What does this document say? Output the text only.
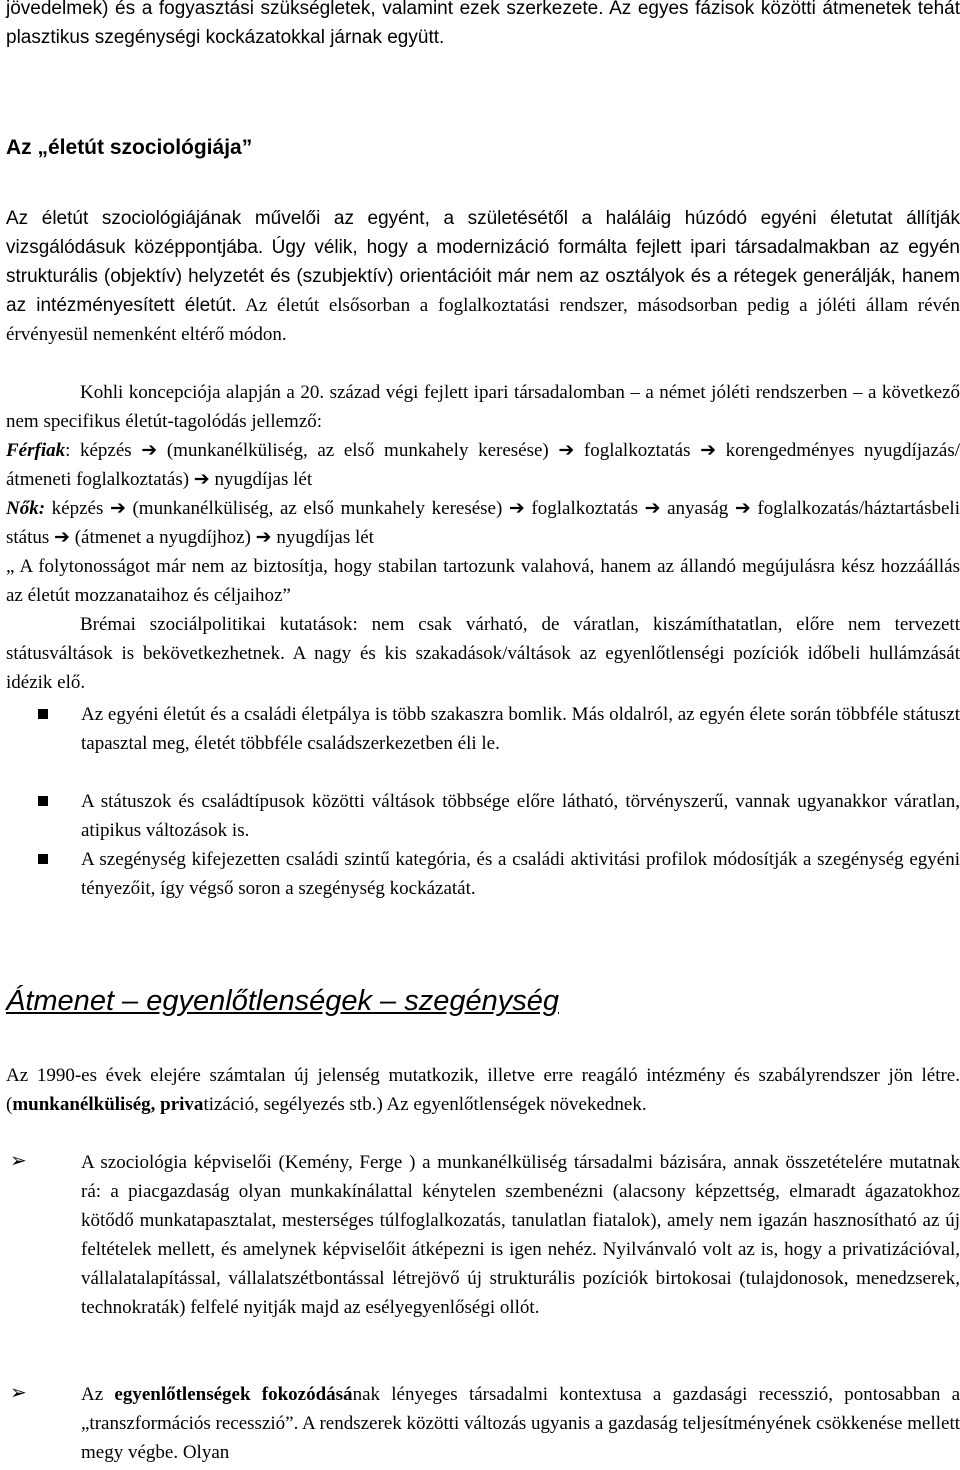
jövedelmek) és a fogyasztási szükségletek, valamint ezek szerkezete. Az egyes fázisok közötti átmenetek tehát plasztikus szegénységi kockázatokkal járnak együtt.

Az „életút szociológiája”

Az életút szociológiájának művelői az egyént, a születésétől a haláláig húzódó egyéni életutat állítják vizsgálódásuk középpontjába. Úgy vélik, hogy a modernizáció formálta fejlett ipari társadalmakban az egyén strukturális (objektív) helyzetét és (szubjektív) orientációit már nem az osztályok és a rétegek generálják, hanem az intézményesített életút. Az életút elsősorban a foglalkoztatási rendszer, másodsorban pedig a jóléti állam révén érvényesül nemenként eltérő módon.

Kohli koncepciója alapján a 20. század végi fejlett ipari társadalomban – a német jóléti rendszerben – a következő nem specifikus életút-tagolódás jellemző:

Férfiak: képzés ➔ (munkanélküliség, az első munkahely keresése) ➔ foglalkoztatás ➔ korengedményes nyugdíjazás/átmeneti foglalkoztatás) ➔ nyugdíjas lét

Nők: képzés ➔ (munkanélküliség, az első munkahely keresése) ➔ foglalkoztatás ➔ anyaság ➔ foglalkozatás/háztartásbeli státus ➔ (átmenet a nyugdíjhoz) ➔ nyugdíjas lét

„ A folytonosságot már nem az biztosítja, hogy stabilan tartozunk valahová, hanem az állandó megújulásra kész hozzáállás az életút mozzanataihoz és céljaihoz”

Brémai szociálpolitikai kutatások: nem csak várható, de váratlan, kiszámíthatatlan, előre nem tervezett státusváltások is bekövetkezhetnek. A nagy és kis szakadások/váltások az egyenlőtlenségi pozíciók időbeli hullámzását idézik elő.

Az egyéni életút és a családi életpálya is több szakaszra bomlik. Más oldalról, az egyén élete során többféle státuszt tapasztal meg, életét többféle családszerkezetben éli le.

A státuszok és családtípusok közötti váltások többsége előre látható, törvényszerű, vannak ugyanakkor váratlan, atipikus változások is.

A szegénység kifejezetten családi szintű kategória, és a családi aktivitási profilok módosítják a szegénység egyéni tényezőit, így végső soron a szegénység kockázatát.

Átmenet – egyenlőtlenségek – szegénység

Az 1990-es évek elejére számtalan új jelenség mutatkozik, illetve erre reagáló intézmény és szabályrendszer jön létre. (munkanélküliség, privatizáció, segélyezés stb.) Az egyenlőtlenségek növekednek.

➢	A szociológia képviselői (Kemény, Ferge ) a munkanélküliség társadalmi bázisára, annak összetételére mutatnak rá: a piacgazdaság olyan munkakínálattal kénytelen szembenézni (alacsony képzettség, elmaradt ágazatokhoz kötődő munkatapasztalat, mesterséges túlfoglalkozatás, tanulatlan fiatalok), amely nem igazán hasznosítható az új feltételek mellett, és amelynek képviselőit átképezni is igen nehéz. Nyilvánvaló volt az is, hogy a privatizációval, vállalatalapítással, vállalatszétbontással létrejövő új strukturális pozíciók birtokosai (tulajdonosok, menedzserek, technokraták) felfelé nyitják majd az esélyegyenlőségi ollót.

➢	Az egyenlőtlenségek fokozódásának lényeges társadalmi kontextusa a gazdasági recesszió, pontosabban a „transzformációs recesszió”. A rendszerek közötti változás ugyanis a gazdaság teljesítményének csökkenése mellett megy végbe. Olyan
